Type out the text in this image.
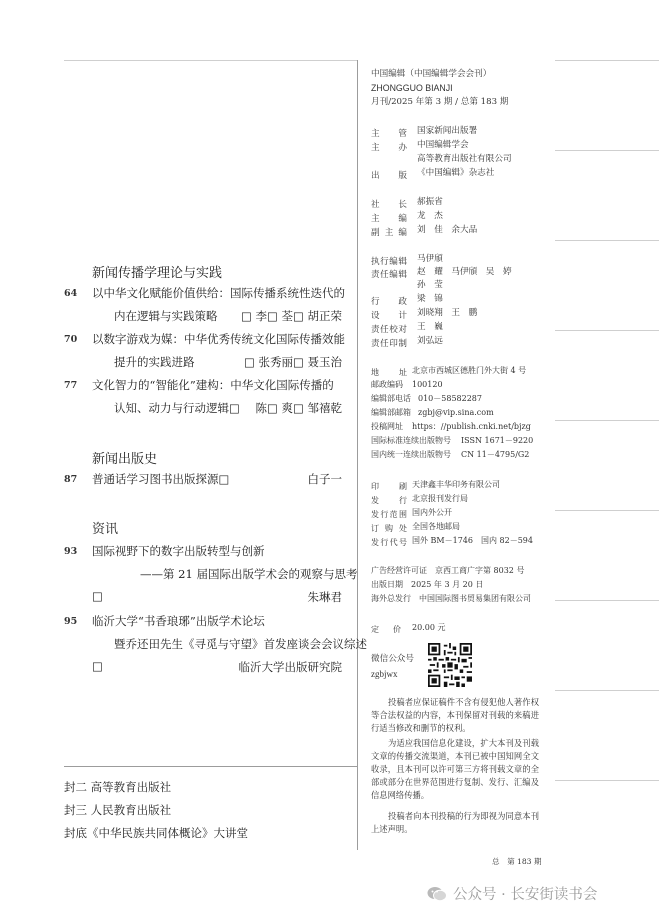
新闻传播学理论与实践
64 以中华文化赋能价值供给：国际传播系统性迭代的
内在逻辑与实践策略 □ 李□ 荃□ 胡正荣
70 以数字游戏为媒：中华优秀传统文化国际传播效能
提升的实践进路	□ 张秀丽□ 聂玉治
77 文化智力的“智能化”建构：中华文化国际传播的
认知、动力与行动逻辑□ 陈□ 爽□ 邹禧乾
新闻出版史
87 普通话学习图书出版探源□	白子一
资讯
93 国际视野下的数字出版转型与创新
——第 21 届国际出版学术会的观察与思考
□	朱琳君
95 临沂大学“书香琅琊”出版学术论坛
暨乔还田先生《寻觅与守望》首发座谈会会议综述
□	临沂大学出版研究院
封二 高等教育出版社
封三 人民教育出版社
封底《中华民族共同体概论》大讲堂
中国编辑（中国编辑学会会刊）
ZHONGGUO BIANJI
月刊/2025 年第 3 期 / 总第 183 期
主　管 国家新闻出版署
主　办 中国编辑学会
高等教育出版社有限公司
出　版 《中国编辑》杂志社
社　长 郝振省
主　编 龙　杰
副主编 刘　佳　余大品
执行编辑 马伊頎
责任编辑 赵　耀　马伊頎　吴　婷
孙　莹
行　政 梁　锦
设　计 刘晓翔　王　鹏
责任校对 王　巍
责任印制 刘弘远
地　址 北京市西城区德胜门外大街 4 号
邮政编码 100120
编辑部电话 010－58582287
编辑部邮箱 zgbj@vip.sina.com
投稿网址 https：//publish.cnki.net/bjzg
国际标准连续出版物号 ISSN 1671－9220
国内统一连续出版物号 CN 11－4795/G2
印　刷 天津鑫丰华印务有限公司
发　行 北京报刊发行局
发行范围 国内外公开
订 购 处 全国各地邮局
发行代号 国外 BM－1746　国内 82－594
广告经营许可证　京西工商广字第 8032 号
出版日期　2025 年 3 月 20 日
海外总发行　中国国际图书贸易集团有限公司
定　价 20.00 元
微信公众号
zgbjwx
投稿者应保证稿件不含有侵犯他人著作权等合法权益的内容，本刊保留对刊载的来稿进行适当修改和删节的权利。
为适应我国信息化建设，扩大本刊及刊载文章的传播交流渠道，本刊已被中国知网全文收录，且本刊可以许可第三方将刊载文章的全部或部分在世界范围进行复制、发行、汇编及信息网络传播。
投稿者向本刊投稿的行为即视为同意本刊上述声明。
总　第 183 期
公众号 · 长安街读书会
